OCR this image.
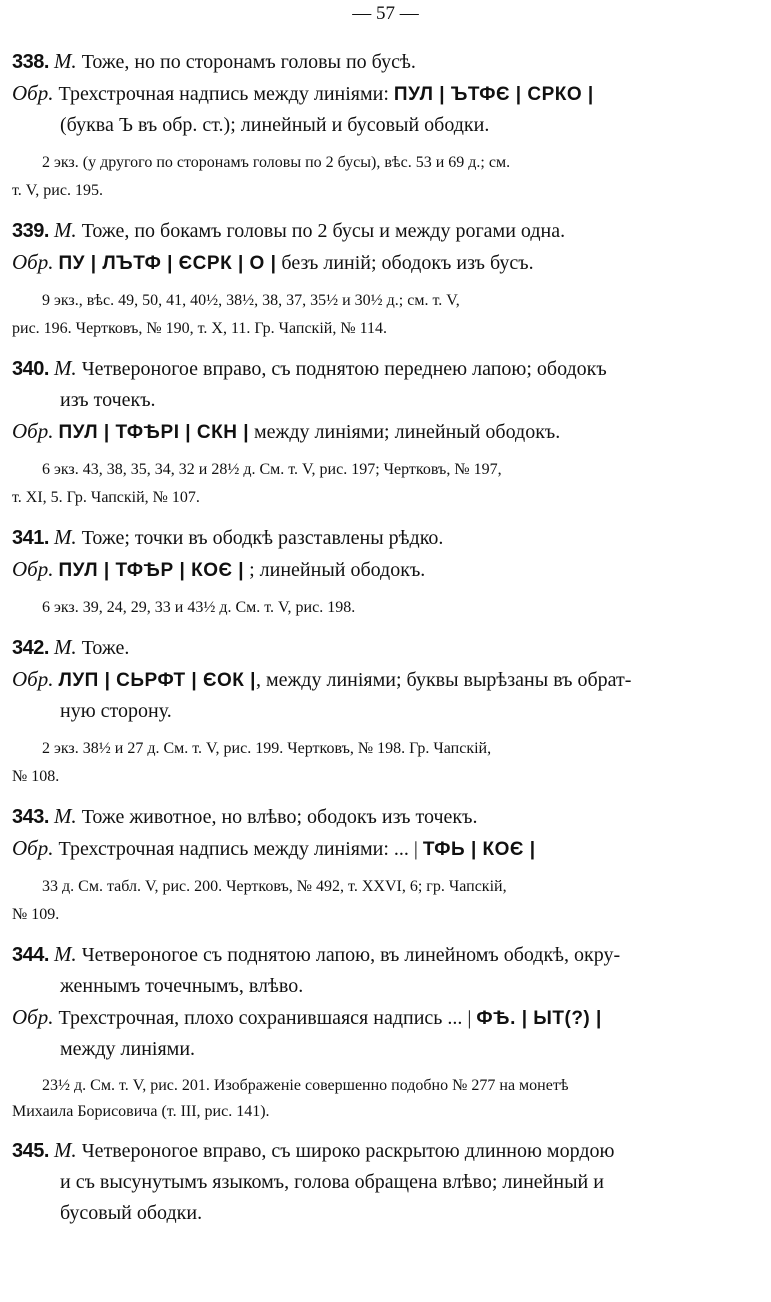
— 57 —
338. М. Тоже, но по сторонамъ головы по бусѣ.
Обр. Трехстрочная надпись между линіями: ПУЛ | ЪТФЄ | СРКО |
(буква Ъ въ обр. ст.); линейный и бусовый ободки.
2 экз. (у другого по сторонамъ головы по 2 бусы), вѣс. 53 и 69 д.; см.
т. V, рис. 195.
339. М. Тоже, по бокамъ головы по 2 бусы и между рогами одна.
Обр. ПУ | ЛЪТФ | ЄСРК | О | безъ линій; ободокъ изъ бусъ.
9 экз., вѣс. 49, 50, 41, 40½, 38½, 38, 37, 35½ и 30½ д.; см. т. V,
рис. 196. Чертковъ, № 190, т. X, 11. Гр. Чапскій, № 114.
340. М. Четвероногое вправо, съ поднятою переднею лапою; ободокъ
изъ точекъ.
Обр. ПУЛ | ТФѢРІ | СКН | между линіями; линейный ободокъ.
6 экз. 43, 38, 35, 34, 32 и 28½ д. См. т. V, рис. 197; Чертковъ, № 197,
т. XI, 5. Гр. Чапскій, № 107.
341. М. Тоже; точки въ ободкѣ разставлены рѣдко.
Обр. ПУЛ | ТФѢР | КОЄ | ; линейный ободокъ.
6 экз. 39, 24, 29, 33 и 43½ д. См. т. V, рис. 198.
342. М. Тоже.
Обр. ЛУП | СЬРФТ | ЄОК |, между линіями; буквы вырѣзаны въ обрат-
ную сторону.
2 экз. 38½ и 27 д. См. т. V, рис. 199. Чертковъ, № 198. Гр. Чапскій,
№ 108.
343. М. Тоже животное, но влѣво; ободокъ изъ точекъ.
Обр. Трехстрочная надпись между линіями: ... | ТФЬ | КОЄ |
33 д. См. табл. V, рис. 200. Чертковъ, № 492, т. XXVI, 6; гр. Чапскій,
№ 109.
344. М. Четвероногое съ поднятою лапою, въ линейномъ ободкѣ, окру-
женнымъ точечнымъ, влѣво.
Обр. Трехстрочная, плохо сохранившаяся надпись ... | ФѢ. | ЫТ(?) |
между линіями.
23½ д. См. т. V, рис. 201. Изображеніе совершенно подобно № 277 на монетѣ
Михаила Борисовича (т. III, рис. 141).
345. М. Четвероногое вправо, съ широко раскрытою длинною мордою
и съ высунутымъ языкомъ, голова обращена влѣво; линейный и
бусовый ободки.
